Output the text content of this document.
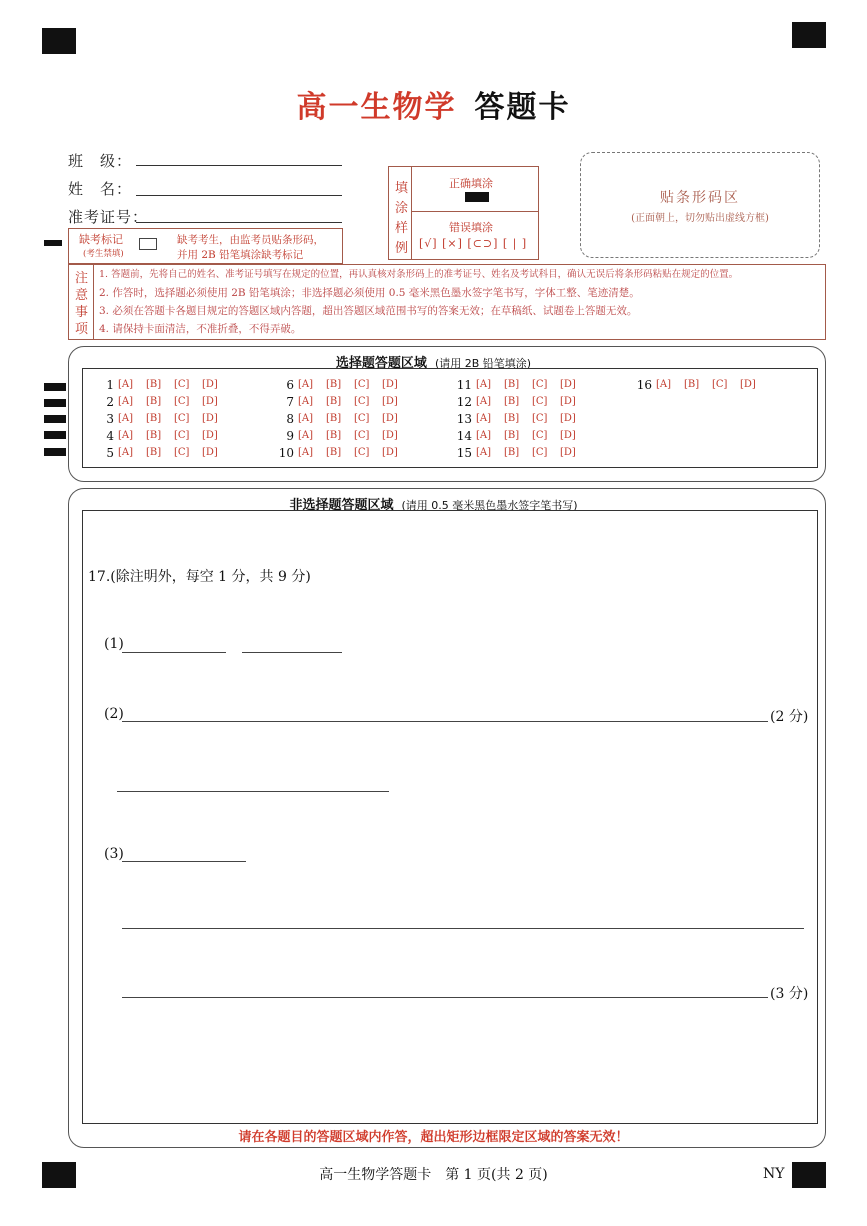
高一生物学 答题卡
班　级：
姓　名：
准考证号：
缺考标记
(考生禁填)
缺考考生，由监考员贴条形码，
并用 2B 铅笔填涂缺考标记
填
涂
样
例
正确填涂
错误填涂
[√] [×] [⊂⊃] [ | ]
贴条形码区
(正面朝上，切勿贴出虚线方框)
注
意
事
项
1. 答题前，先将自己的姓名、准考证号填写在规定的位置，再认真核对条形码上的准考证号、姓名及考试科目，确认无误后将条形码粘贴在规定的位置。
2. 作答时，选择题必须使用 2B 铅笔填涂；非选择题必须使用 0.5 毫米黑色墨水签字笔书写，字体工整、笔迹清楚。
3. 必须在答题卡各题目规定的答题区域内答题，超出答题区域范围书写的答案无效；在草稿纸、试题卷上答题无效。
4. 请保持卡面清洁，不准折叠，不得弄破。
选择题答题区域 (请用 2B 铅笔填涂)
1 [A] [B] [C] [D]
2 [A] [B] [C] [D]
3 [A] [B] [C] [D]
4 [A] [B] [C] [D]
5 [A] [B] [C] [D]
6 [A] [B] [C] [D]
7 [A] [B] [C] [D]
8 [A] [B] [C] [D]
9 [A] [B] [C] [D]
10 [A] [B] [C] [D]
11 [A] [B] [C] [D]
12 [A] [B] [C] [D]
13 [A] [B] [C] [D]
14 [A] [B] [C] [D]
15 [A] [B] [C] [D]
16 [A] [B] [C] [D]
非选择题答题区域 (请用 0.5 毫米黑色墨水签字笔书写)
17.(除注明外，每空 1 分，共 9 分)
(1)
(2)	(2 分)
(3)
(3 分)
请在各题目的答题区域内作答，超出矩形边框限定区域的答案无效！
高一生物学答题卡　第 1 页(共 2 页)	NY
